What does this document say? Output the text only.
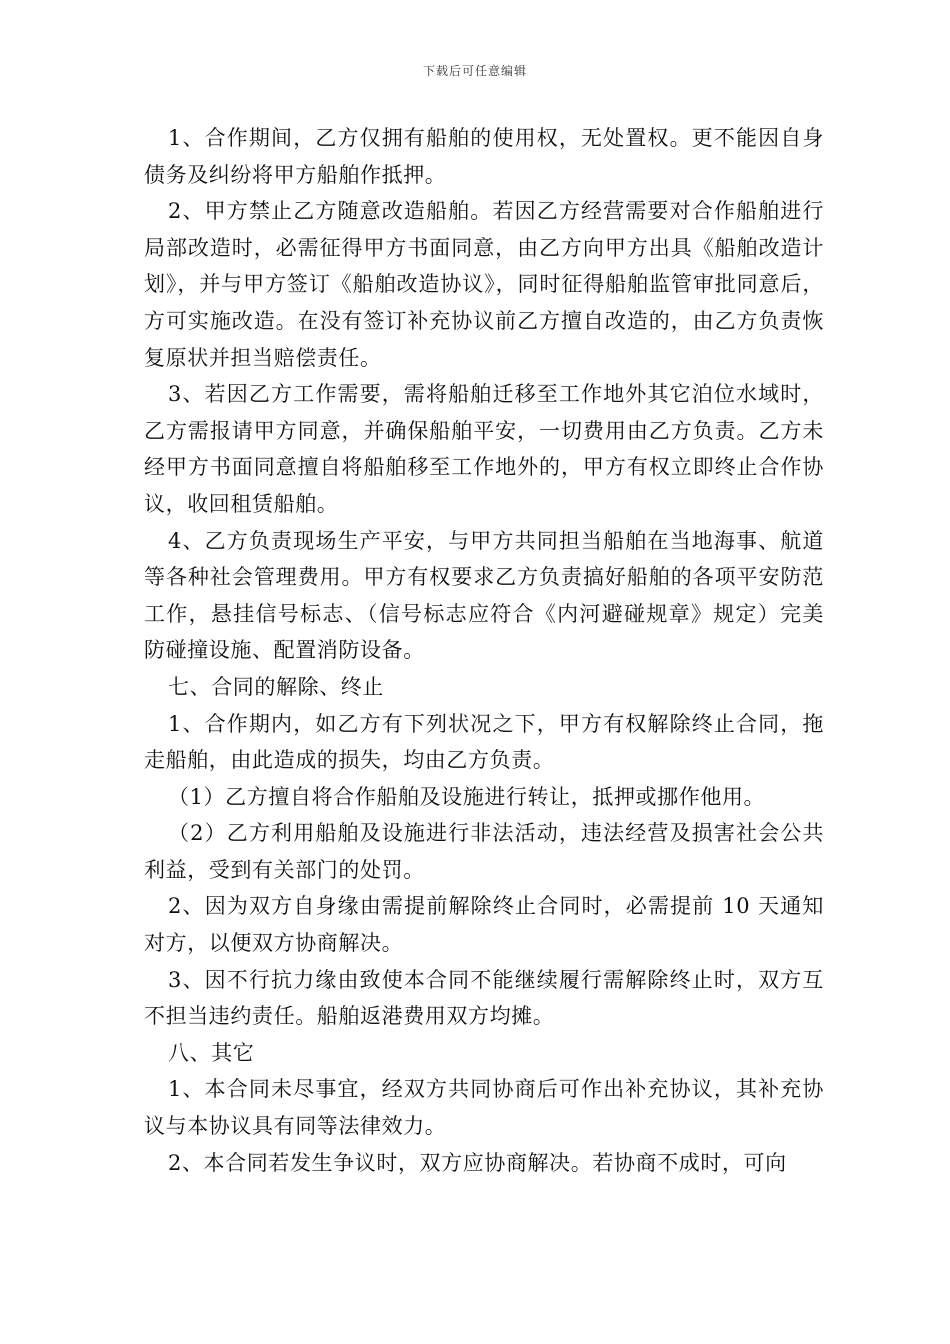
下载后可任意编辑

1、合作期间，乙方仅拥有船舶的使用权，无处置权。更不能因自身债务及纠纷将甲方船舶作抵押。

2、甲方禁止乙方随意改造船舶。若因乙方经营需要对合作船舶进行局部改造时，必需征得甲方书面同意，由乙方向甲方出具《船舶改造计划》，并与甲方签订《船舶改造协议》，同时征得船舶监管审批同意后，方可实施改造。在没有签订补充协议前乙方擅自改造的，由乙方负责恢复原状并担当赔偿责任。

3、若因乙方工作需要，需将船舶迁移至工作地外其它泊位水域时，乙方需报请甲方同意，并确保船舶平安，一切费用由乙方负责。乙方未经甲方书面同意擅自将船舶移至工作地外的，甲方有权立即终止合作协议，收回租赁船舶。

4、乙方负责现场生产平安，与甲方共同担当船舶在当地海事、航道等各种社会管理费用。甲方有权要求乙方负责搞好船舶的各项平安防范工作，悬挂信号标志、（信号标志应符合《内河避碰规章》规定）完美防碰撞设施、配置消防设备。

七、合同的解除、终止

1、合作期内，如乙方有下列状况之下，甲方有权解除终止合同，拖走船舶，由此造成的损失，均由乙方负责。

（1）乙方擅自将合作船舶及设施进行转让，抵押或挪作他用。

（2）乙方利用船舶及设施进行非法活动，违法经营及损害社会公共利益，受到有关部门的处罚。

2、因为双方自身缘由需提前解除终止合同时，必需提前 10 天通知对方，以便双方协商解决。

3、因不行抗力缘由致使本合同不能继续履行需解除终止时，双方互不担当违约责任。船舶返港费用双方均摊。

八、其它

1、本合同未尽事宜，经双方共同协商后可作出补充协议，其补充协议与本协议具有同等法律效力。

2、本合同若发生争议时，双方应协商解决。若协商不成时，可向
